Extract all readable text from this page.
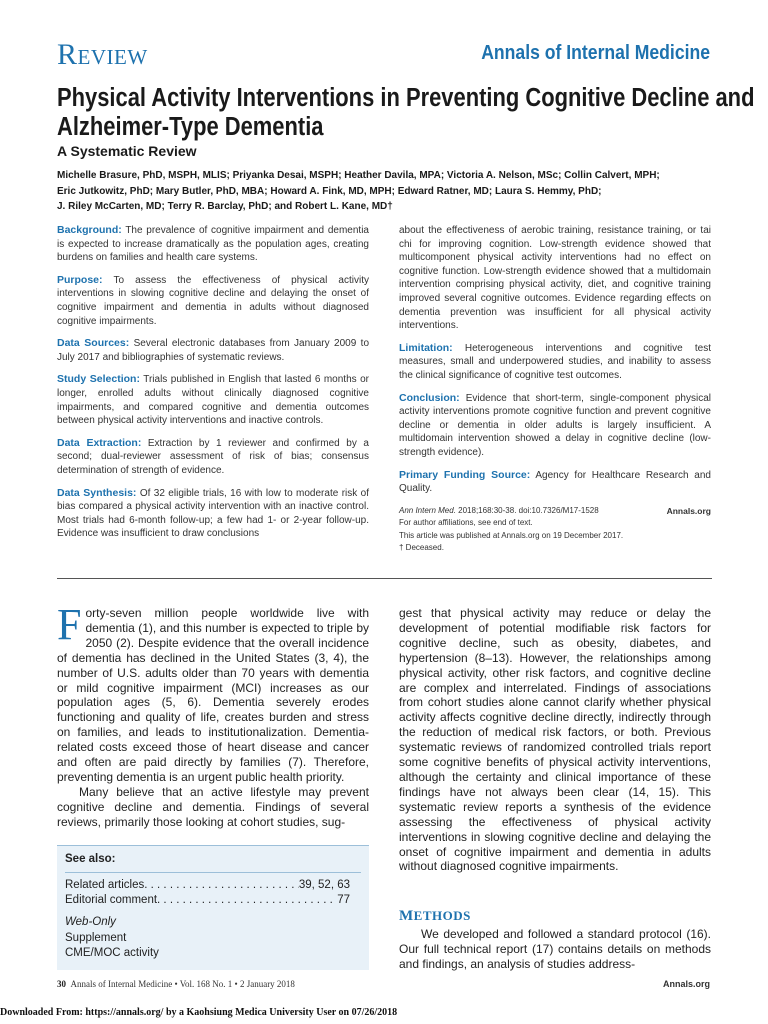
REVIEW	Annals of Internal Medicine
Physical Activity Interventions in Preventing Cognitive Decline and
Alzheimer-Type Dementia
A Systematic Review
Michelle Brasure, PhD, MSPH, MLIS; Priyanka Desai, MSPH; Heather Davila, MPA; Victoria A. Nelson, MSc; Collin Calvert, MPH;
Eric Jutkowitz, PhD; Mary Butler, PhD, MBA; Howard A. Fink, MD, MPH; Edward Ratner, MD; Laura S. Hemmy, PhD;
J. Riley McCarten, MD; Terry R. Barclay, PhD; and Robert L. Kane, MD†

Background: The prevalence of cognitive impairment and dementia is expected to increase dramatically as the population ages, creating burdens on families and health care systems.

Purpose: To assess the effectiveness of physical activity interventions in slowing cognitive decline and delaying the onset of cognitive impairment and dementia in adults without diagnosed cognitive impairments.

Data Sources: Several electronic databases from January 2009 to July 2017 and bibliographies of systematic reviews.

Study Selection: Trials published in English that lasted 6 months or longer, enrolled adults without clinically diagnosed cognitive impairments, and compared cognitive and dementia outcomes between physical activity interventions and inactive controls.

Data Extraction: Extraction by 1 reviewer and confirmed by a second; dual-reviewer assessment of risk of bias; consensus determination of strength of evidence.

Data Synthesis: Of 32 eligible trials, 16 with low to moderate risk of bias compared a physical activity intervention with an inactive control. Most trials had 6-month follow-up; a few had 1- or 2-year follow-up. Evidence was insufficient to draw conclusions

about the effectiveness of aerobic training, resistance training, or tai chi for improving cognition. Low-strength evidence showed that multicomponent physical activity interventions had no effect on cognitive function. Low-strength evidence showed that a multidomain intervention comprising physical activity, diet, and cognitive training improved several cognitive outcomes. Evidence regarding effects on dementia prevention was insufficient for all physical activity interventions.

Limitation: Heterogeneous interventions and cognitive test measures, small and underpowered studies, and inability to assess the clinical significance of cognitive test outcomes.

Conclusion: Evidence that short-term, single-component physical activity interventions promote cognitive function and prevent cognitive decline or dementia in older adults is largely insufficient. A multidomain intervention showed a delay in cognitive decline (low-strength evidence).

Primary Funding Source: Agency for Healthcare Research and Quality.

Ann Intern Med. 2018;168:30-38. doi:10.7326/M17-1528	Annals.org
For author affiliations, see end of text.
This article was published at Annals.org on 19 December 2017.
† Deceased.

Forty-seven million people worldwide live with dementia (1), and this number is expected to triple by 2050 (2). Despite evidence that the overall incidence of dementia has declined in the United States (3, 4), the number of U.S. adults older than 70 years with dementia or mild cognitive impairment (MCI) increases as our population ages (5, 6). Dementia severely erodes functioning and quality of life, creates burden and stress on families, and leads to institutionalization. Dementia-related costs exceed those of heart disease and cancer and often are paid directly by families (7). Therefore, preventing dementia is an urgent public health priority.

Many believe that an active lifestyle may prevent cognitive decline and dementia. Findings of several reviews, primarily those looking at cohort studies, sug-

See also:
Related articles . . .	39, 52, 63
Editorial comment . . .	77
Web-Only
Supplement
CME/MOC activity

gest that physical activity may reduce or delay the development of potential modifiable risk factors for cognitive decline, such as obesity, diabetes, and hypertension (8–13). However, the relationships among physical activity, other risk factors, and cognitive decline are complex and interrelated. Findings of associations from cohort studies alone cannot clarify whether physical activity affects cognitive decline directly, indirectly through the reduction of medical risk factors, or both. Previous systematic reviews of randomized controlled trials report some cognitive benefits of physical activity interventions, although the certainty and clinical importance of these findings have not always been clear (14, 15). This systematic review reports a synthesis of the evidence assessing the effectiveness of physical activity interventions in slowing cognitive decline and delaying the onset of cognitive impairment and dementia in adults without diagnosed cognitive impairments.

METHODS

We developed and followed a standard protocol (16). Our full technical report (17) contains details on methods and findings, an analysis of studies address-

30 Annals of Internal Medicine • Vol. 168 No. 1 • 2 January 2018	Annals.org
Downloaded From: https://annals.org/ by a Kaohsiung Medica University User on 07/26/2018
